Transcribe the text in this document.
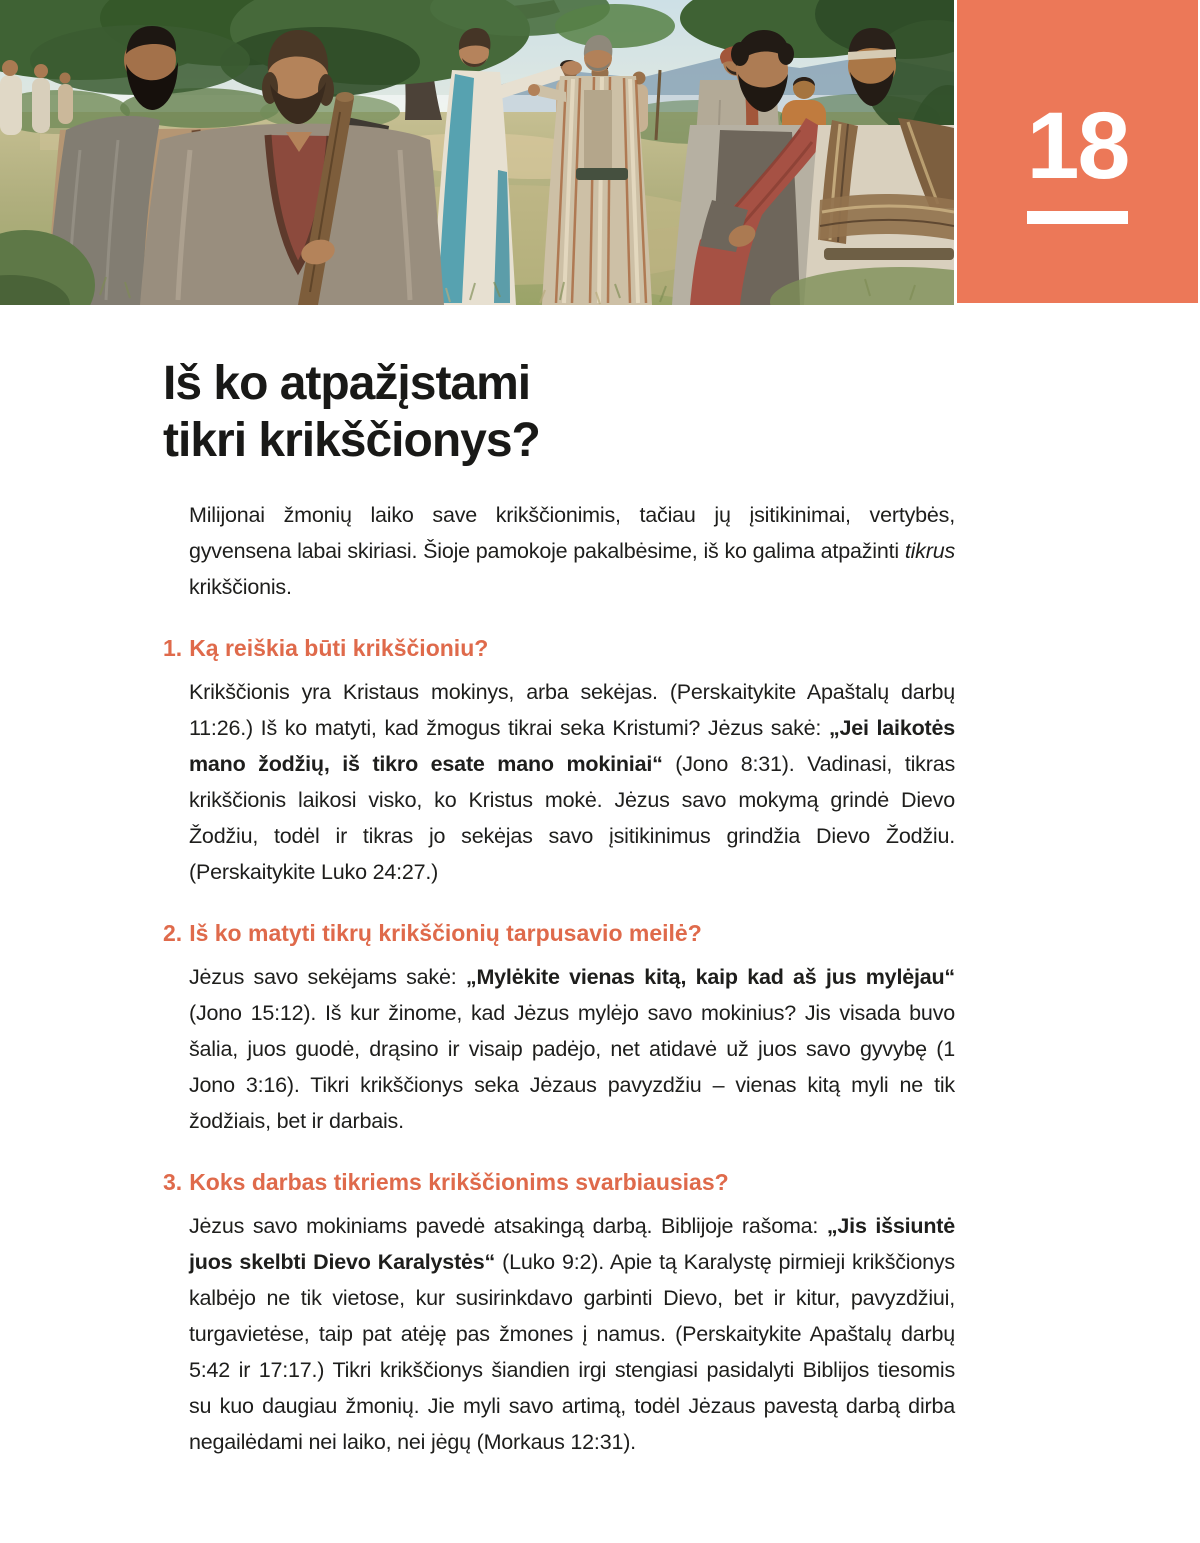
18
Iš ko atpažįstami
tikri krikščionys?

Milijonai žmonių laiko save krikščionimis, tačiau jų įsitikinimai, vertybės, gyvensena labai skiriasi. Šioje pamokoje pakalbėsime, iš ko galima atpažinti tikrus krikščionis.

1. Ką reiškia būti krikščioniu?

Krikščionis yra Kristaus mokinys, arba sekėjas. (Perskaitykite Apaštalų darbų 11:26.) Iš ko matyti, kad žmogus tikrai seka Kristumi? Jėzus sakė: „Jei laikotės mano žodžių, iš tikro esate mano mokiniai“ (Jono 8:31). Vadinasi, tikras krikščionis laikosi visko, ko Kristus mokė. Jėzus savo mokymą grindė Dievo Žodžiu, todėl ir tikras jo sekėjas savo įsitikinimus grindžia Dievo Žodžiu. (Perskaitykite Luko 24:27.)

2. Iš ko matyti tikrų krikščionių tarpusavio meilė?

Jėzus savo sekėjams sakė: „Mylėkite vienas kitą, kaip kad aš jus mylėjau“ (Jono 15:12). Iš kur žinome, kad Jėzus mylėjo savo mokinius? Jis visada buvo šalia, juos guodė, drąsino ir visaip padėjo, net atidavė už juos savo gyvybę (1 Jono 3:16). Tikri krikščionys seka Jėzaus pavyzdžiu – vienas kitą myli ne tik žodžiais, bet ir darbais.

3. Koks darbas tikriems krikščionims svarbiausias?

Jėzus savo mokiniams pavedė atsakingą darbą. Biblijoje rašoma: „Jis išsiuntė juos skelbti Dievo Karalystės“ (Luko 9:2). Apie tą Karalystę pirmieji krikščionys kalbėjo ne tik vietose, kur susirinkdavo garbinti Dievo, bet ir kitur, pavyzdžiui, turgavietėse, taip pat atėję pas žmones į namus. (Perskaitykite Apaštalų darbų 5:42 ir 17:17.) Tikri krikščionys šiandien irgi stengiasi pasidalyti Biblijos tiesomis su kuo daugiau žmonių. Jie myli savo artimą, todėl Jėzaus pavestą darbą dirba negailėdami nei laiko, nei jėgų (Morkaus 12:31).
